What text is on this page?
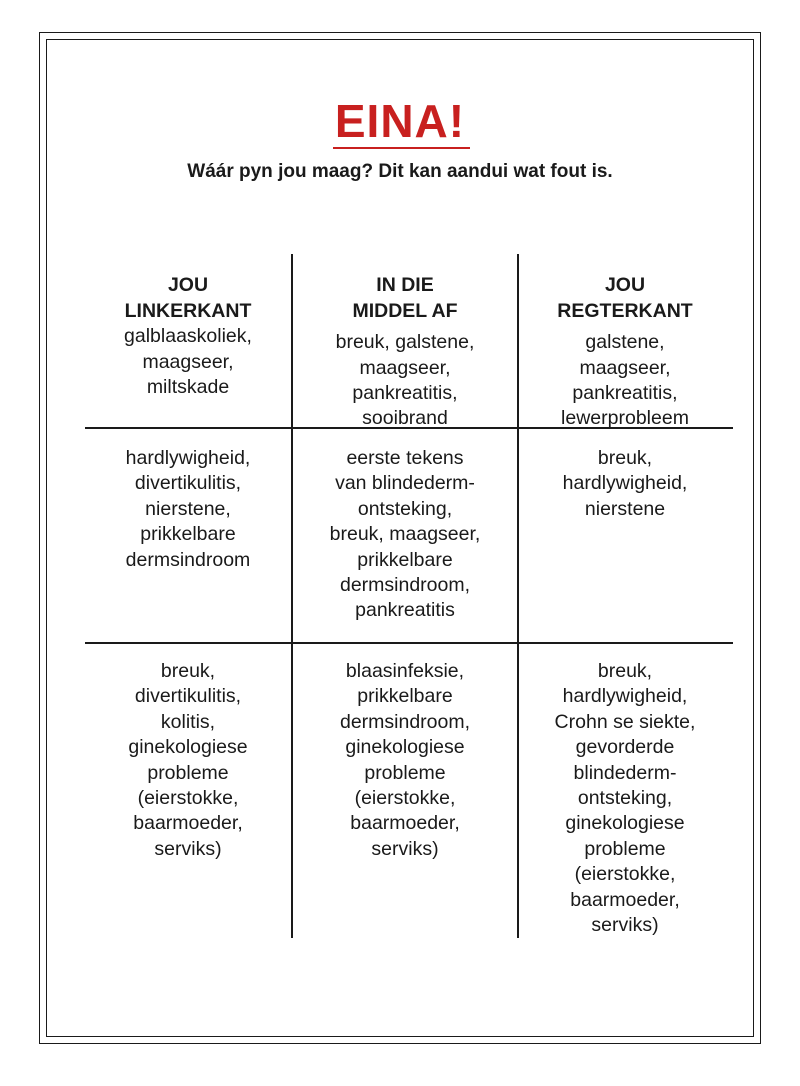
EINA!
Wáár pyn jou maag? Dit kan aandui wat fout is.

JOU
LINKERKANT
galblaaskoliek,
maagseer,
miltskade

IN DIE
MIDDEL AF
breuk, galstene,
maagseer,
pankreatitis,
sooibrand

JOU
REGTERKANT
galstene,
maagseer,
pankreatitis,
lewerprobleem

hardlywigheid,
divertikulitis,
nierstene,
prikkelbare
dermsindroom
eerste tekens
van blindederm-
ontsteking,
breuk, maagseer,
prikkelbare
dermsindroom,
pankreatitis
breuk,
hardlywigheid,
nierstene
breuk,
divertikulitis,
kolitis,
ginekologiese
probleme
(eierstokke,
baarmoeder,
serviks)
blaasinfeksie,
prikkelbare
dermsindroom,
ginekologiese
probleme
(eierstokke,
baarmoeder,
serviks)
breuk,
hardlywigheid,
Crohn se siekte,
gevorderde
blindederm-
ontsteking,
ginekologiese
probleme
(eierstokke,
baarmoeder,
serviks)
